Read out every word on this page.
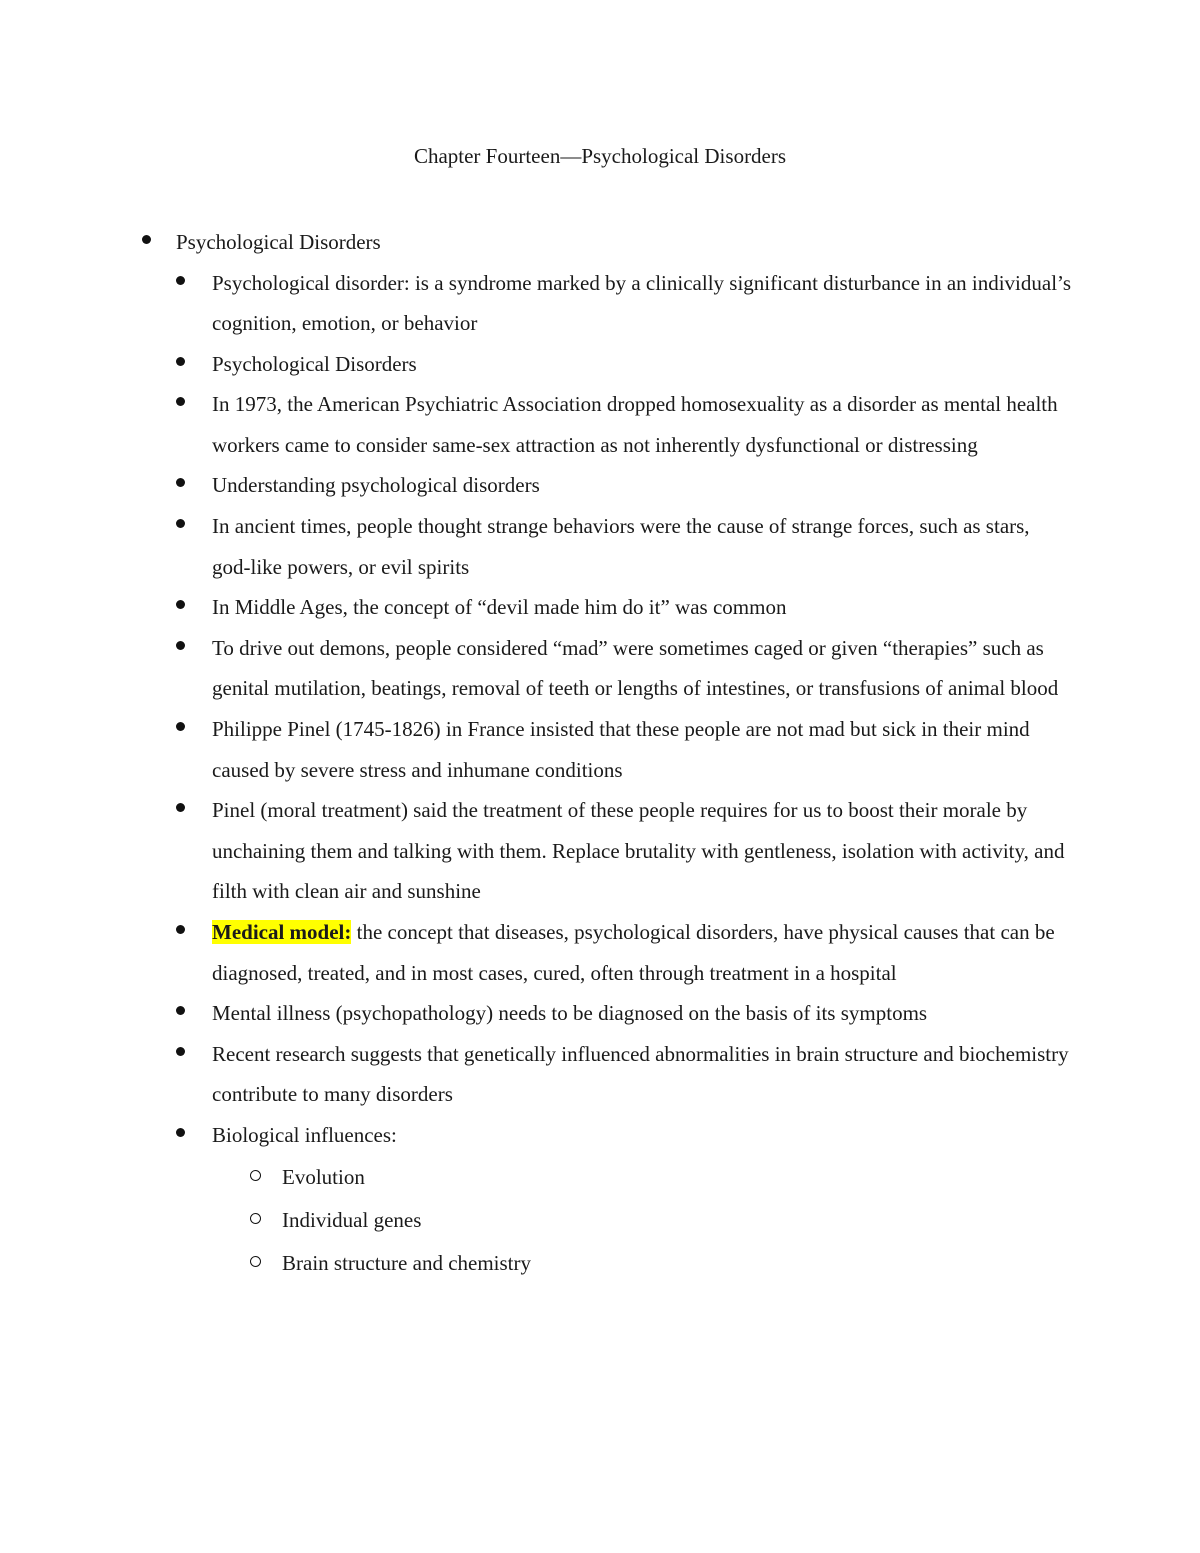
Chapter Fourteen—Psychological Disorders
Psychological Disorders
Psychological disorder: is a syndrome marked by a clinically significant disturbance in an individual’s cognition, emotion, or behavior
Psychological Disorders
In 1973, the American Psychiatric Association dropped homosexuality as a disorder as mental health workers came to consider same-sex attraction as not inherently dysfunctional or distressing
Understanding psychological disorders
In ancient times, people thought strange behaviors were the cause of strange forces, such as stars, god-like powers, or evil spirits
In Middle Ages, the concept of “devil made him do it” was common
To drive out demons, people considered “mad” were sometimes caged or given “therapies” such as genital mutilation, beatings, removal of teeth or lengths of intestines, or transfusions of animal blood
Philippe Pinel (1745-1826) in France insisted that these people are not mad but sick in their mind caused by severe stress and inhumane conditions
Pinel (moral treatment) said the treatment of these people requires for us to boost their morale by unchaining them and talking with them. Replace brutality with gentleness, isolation with activity, and filth with clean air and sunshine
Medical model: the concept that diseases, psychological disorders, have physical causes that can be diagnosed, treated, and in most cases, cured, often through treatment in a hospital
Mental illness (psychopathology) needs to be diagnosed on the basis of its symptoms
Recent research suggests that genetically influenced abnormalities in brain structure and biochemistry contribute to many disorders
Biological influences:
Evolution
Individual genes
Brain structure and chemistry
